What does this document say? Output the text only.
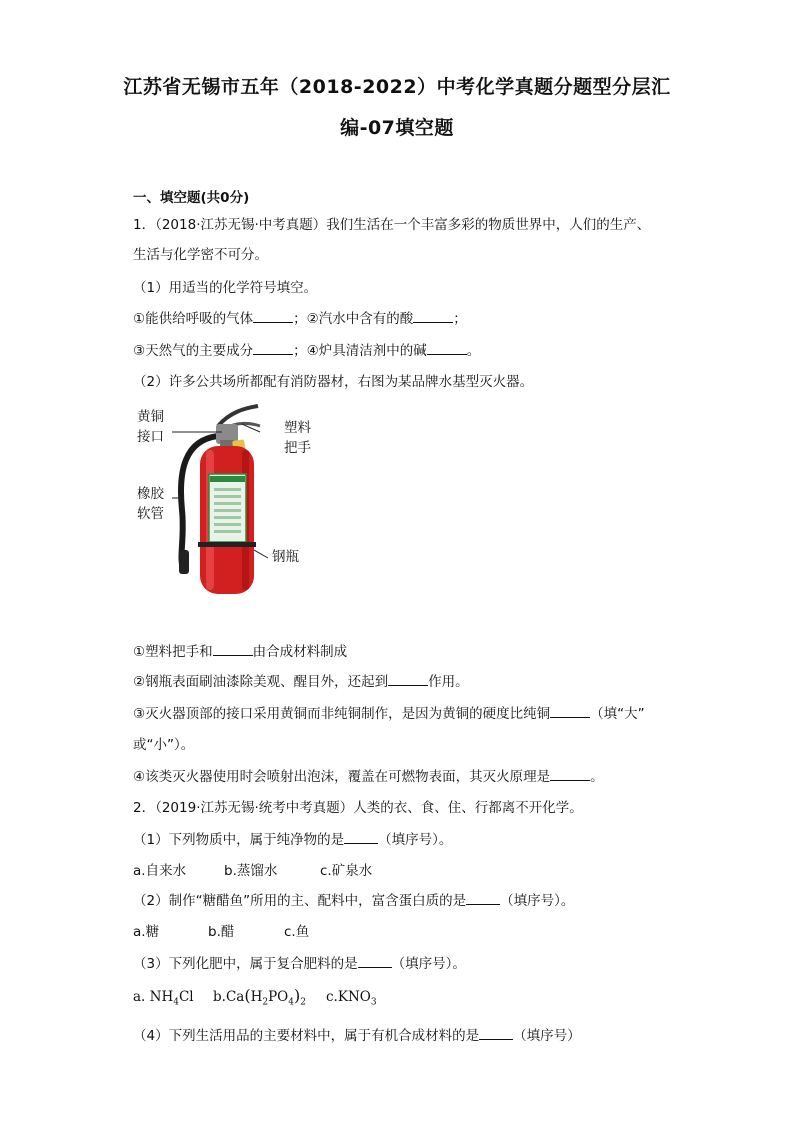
江苏省无锡市五年（2018-2022）中考化学真题分题型分层汇
编-07填空题
一、填空题(共0分)
1．（2018·江苏无锡·中考真题）我们生活在一个丰富多彩的物质世界中，人们的生产、
生活与化学密不可分。
（1）用适当的化学符号填空。
①能供给呼吸的气体	；②汽水中含有的酸	；
③天然气的主要成分	；④炉具清洁剂中的碱	。
（2）许多公共场所都配有消防器材，右图为某品牌水基型灭火器。
黄铜
接口
塑料
把手
橡胶
软管
钢瓶
①塑料把手和	由合成材料制成
②钢瓶表面刷油漆除美观、醒目外，还起到	作用。
③灭火器顶部的接口采用黄铜而非纯铜制作，是因为黄铜的硬度比纯铜	（填“大”
或“小”）。
④该类灭火器使用时会喷射出泡沫，覆盖在可燃物表面，其灭火原理是	。
2．（2019·江苏无锡·统考中考真题）人类的衣、食、住、行都离不开化学。
（1）下列物质中，属于纯净物的是	（填序号）。
a.自来水	b.蒸馏水	c.矿泉水
（2）制作“糖醋鱼”所用的主、配料中，富含蛋白质的是	（填序号）。
a.糖	b.醋	c.鱼
（3）下列化肥中，属于复合肥料的是	（填序号）。
a. $NH_4Cl$ $b.Ca(H_2PO_4)_2$ $c.KNO_3$
（4）下列生活用品的主要材料中，属于有机合成材料的是	（填序号）
